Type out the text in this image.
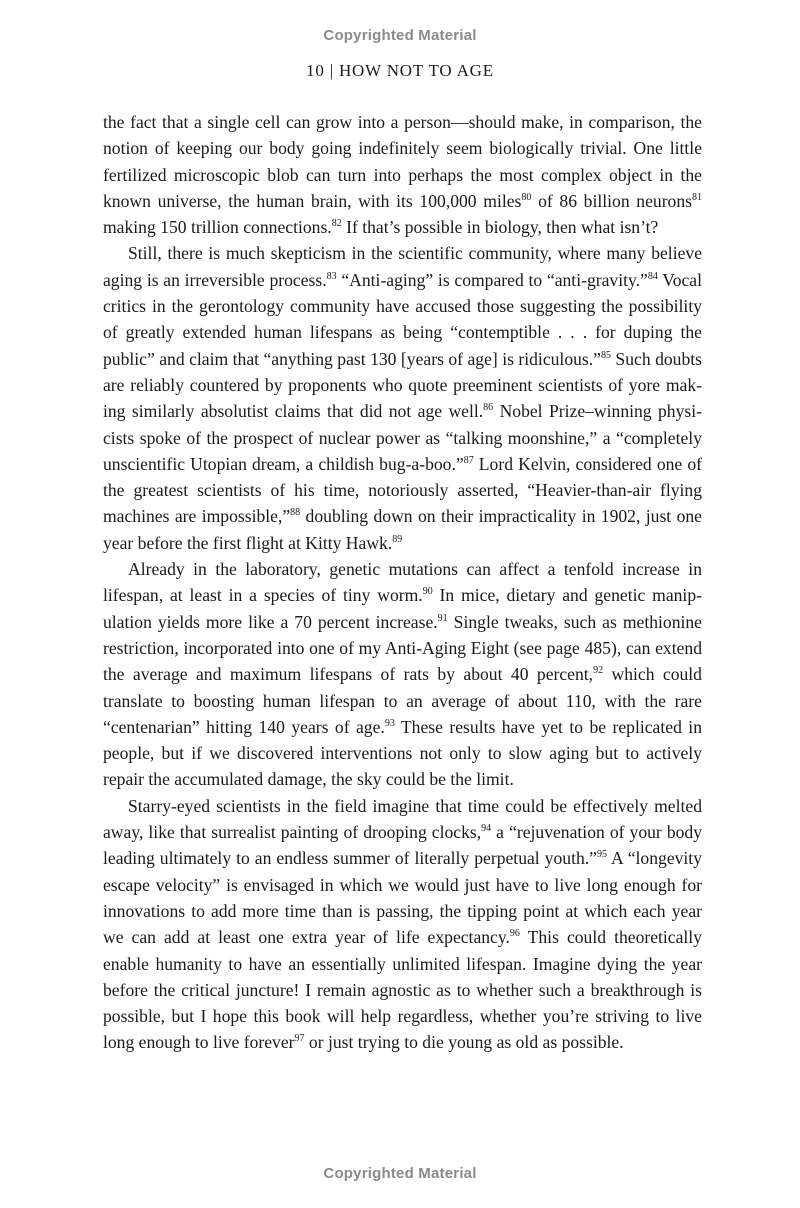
Copyrighted Material
10 | HOW NOT TO AGE

the fact that a single cell can grow into a person—should make, in comparison, the notion of keeping our body going indefinitely seem biologically trivial. One little fertilized microscopic blob can turn into perhaps the most complex object in the known universe, the human brain, with its 100,000 miles$^{80}$ of 86 billion neurons$^{81}$ making 150 trillion connections.$^{82}$ If that’s possible in biology, then what isn’t?

Still, there is much skepticism in the scientific community, where many believe aging is an irreversible process.$^{83}$ “Anti-aging” is compared to “anti-gravity.”$^{84}$ Vocal critics in the gerontology community have accused those suggesting the possibility of greatly extended human lifespans as being “contemptible . . . for duping the public” and claim that “anything past 130 [years of age] is ridiculous.”$^{85}$ Such doubts are reliably countered by proponents who quote preeminent scientists of yore making similarly absolutist claims that did not age well.$^{86}$ Nobel Prize–winning physicists spoke of the prospect of nuclear power as “talking moonshine,” a “completely unscientific Utopian dream, a childish bug-a-boo.”$^{87}$ Lord Kelvin, considered one of the greatest scientists of his time, notoriously asserted, “Heavier-than-air flying machines are impossible,”$^{88}$ doubling down on their impracticality in 1902, just one year before the first flight at Kitty Hawk.$^{89}$

Already in the laboratory, genetic mutations can affect a tenfold increase in lifespan, at least in a species of tiny worm.$^{90}$ In mice, dietary and genetic manipulation yields more like a 70 percent increase.$^{91}$ Single tweaks, such as methionine restriction, incorporated into one of my Anti-Aging Eight (see page 485), can extend the average and maximum lifespans of rats by about 40 percent,$^{92}$ which could translate to boosting human lifespan to an average of about 110, with the rare “centenarian” hitting 140 years of age.$^{93}$ These results have yet to be replicated in people, but if we discovered interventions not only to slow aging but to actively repair the accumulated damage, the sky could be the limit.

Starry-eyed scientists in the field imagine that time could be effectively melted away, like that surrealist painting of drooping clocks,$^{94}$ a “rejuvenation of your body leading ultimately to an endless summer of literally perpetual youth.”$^{95}$ A “longevity escape velocity” is envisaged in which we would just have to live long enough for innovations to add more time than is passing, the tipping point at which each year we can add at least one extra year of life expectancy.$^{96}$ This could theoretically enable humanity to have an essentially unlimited lifespan. Imagine dying the year before the critical juncture! I remain agnostic as to whether such a breakthrough is possible, but I hope this book will help regardless, whether you’re striving to live long enough to live forever$^{97}$ or just trying to die young as old as possible.

Copyrighted Material
